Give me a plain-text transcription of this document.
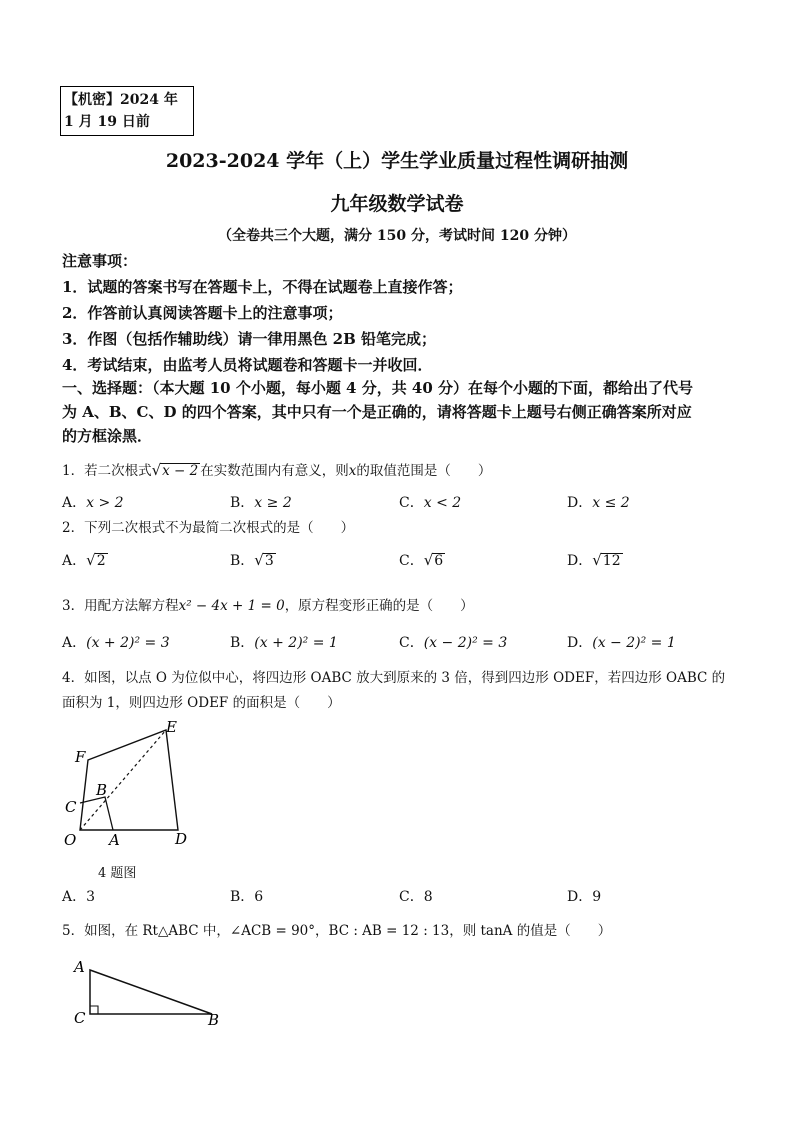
【机密】2024 年
1 月 19 日前
2023-2024 学年（上）学生学业质量过程性调研抽测
九年级数学试卷
（全卷共三个大题，满分 150 分，考试时间 120 分钟）
注意事项：
1．试题的答案书写在答题卡上，不得在试题卷上直接作答；
2．作答前认真阅读答题卡上的注意事项；
3．作图（包括作辅助线）请一律用黑色 2B 铅笔完成；
4．考试结束，由监考人员将试题卷和答题卡一并收回．
一、选择题：（本大题 10 个小题，每小题 4 分，共 40 分）在每个小题的下面，都给出了代号
为 A、B、C、D 的四个答案，其中只有一个是正确的，请将答题卡上题号右侧正确答案所对应
的方框涂黑．
1．若二次根式√x − 2 在实数范围内有意义，则x的取值范围是（　　）
A．x > 2	B．x ≥ 2	C．x < 2	D．x ≤ 2
2．下列二次根式不为最简二次根式的是（　　）
A．√2	B．√3	C．√6	D．√12
3．用配方法解方程x² − 4x + 1 = 0，原方程变形正确的是（　　）
A．(x + 2)² = 3	B．(x + 2)² = 1	C．(x − 2)² = 3	D．(x − 2)² = 1
4．如图，以点 O 为位似中心，将四边形 OABC 放大到原来的 3 倍，得到四边形 ODEF，若四边形 OABC 的
面积为 1，则四边形 ODEF 的面积是（　　）
E
F
B
C
O A	D
4 题图
A．3	B．6	C．8	D．9
5．如图，在 Rt△ABC 中，∠ACB = 90°，BC : AB = 12 : 13，则 tanA 的值是（　　）
A
C	B
